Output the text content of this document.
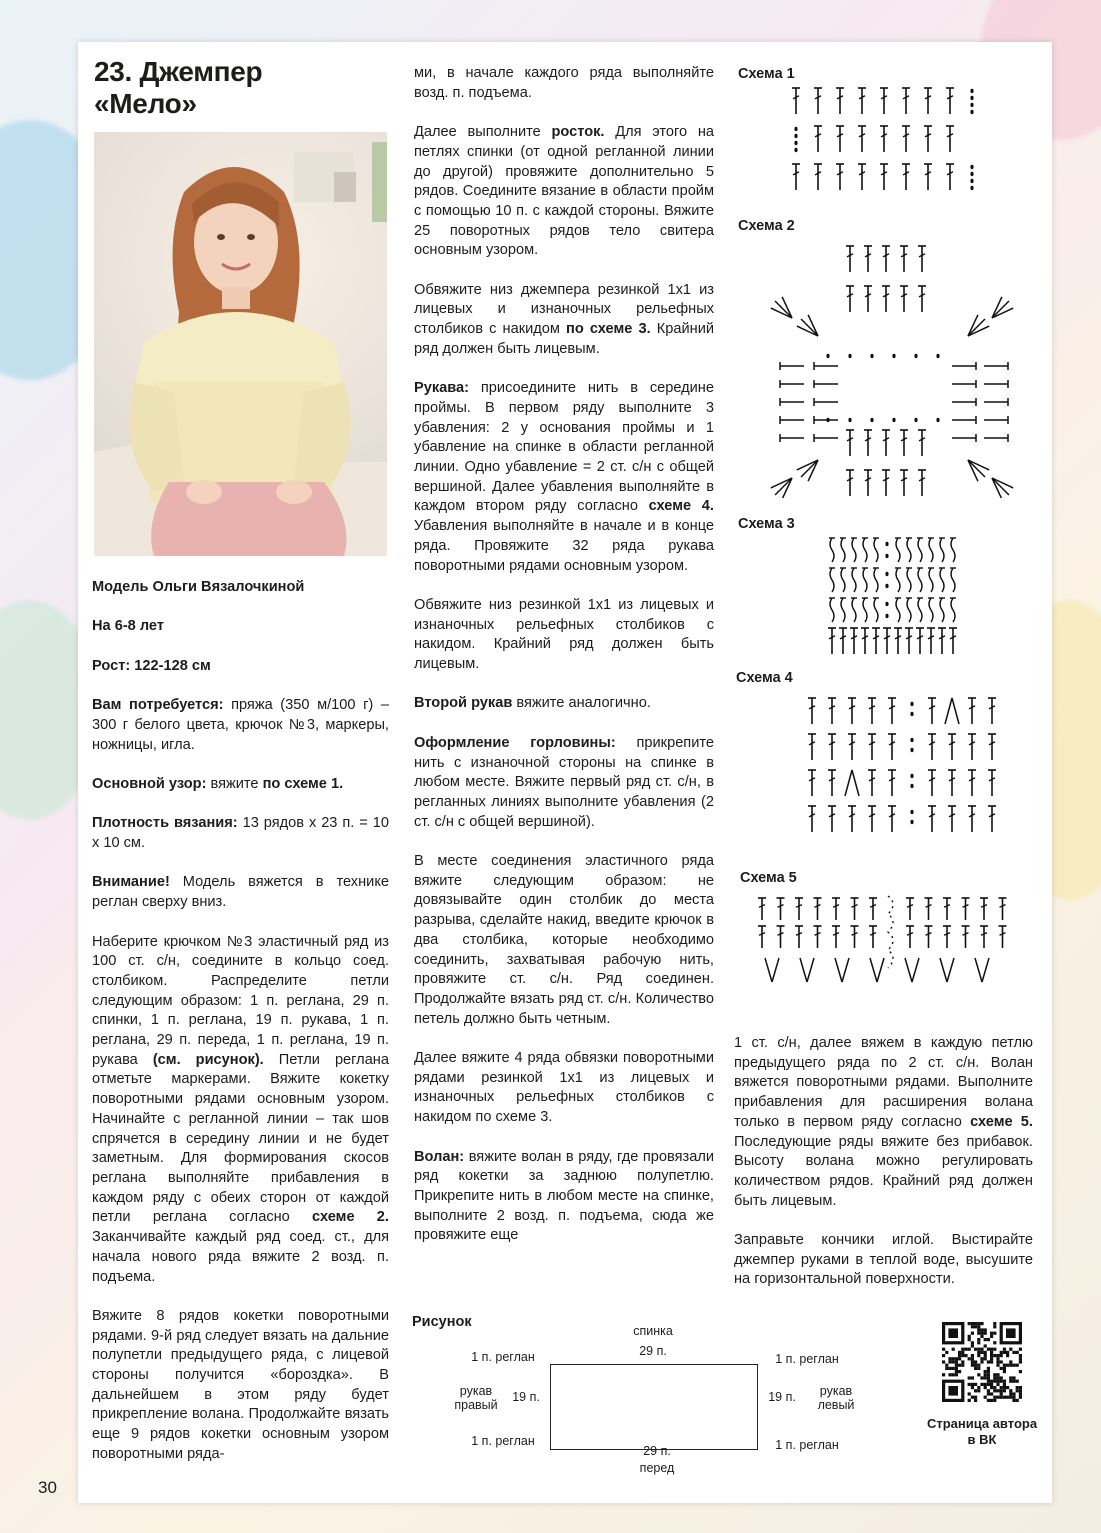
23. Джемпер
«Мело»

Модель Ольги Вязалочкиной

На 6-8 лет

Рост: 122-128 см

Вам потребуется: пряжа (350 м/100 г) – 300 г белого цвета, крючок №3, маркеры, ножницы, игла.

Основной узор: вяжите по схеме 1.

Плотность вязания: 13 рядов х 23 п. = 10 х 10 см.

Внимание! Модель вяжется в технике реглан сверху вниз.

Наберите крючком №3 эластичный ряд из 100 ст. с/н, соедините в кольцо соед. столбиком. Распределите петли следующим образом: 1 п. реглана, 29 п. спинки, 1 п. реглана, 19 п. рукава, 1 п. реглана, 29 п. переда, 1 п. реглана, 19 п. рукава (см. рисунок). Петли реглана отметьте маркерами. Вяжите кокетку поворотными рядами основным узором. Начинайте с регланной линии – так шов спрячется в середину линии и не будет заметным. Для формирования скосов реглана выполняйте прибавления в каждом ряду с обеих сторон от каждой петли реглана согласно схеме 2. Заканчивайте каждый ряд соед. ст., для начала нового ряда вяжите 2 возд. п. подъема.

Вяжите 8 рядов кокетки поворотными рядами. 9-й ряд следует вязать на дальние полупетли предыдущего ряда, с лицевой стороны получится «бороздка». В дальнейшем в этом ряду будет прикрепление волана. Продолжайте вязать еще 9 рядов кокетки основным узором поворотными ряда-

ми, в начале каждого ряда выполняйте возд. п. подъема.

Далее выполните росток. Для этого на петлях спинки (от одной регланной линии до другой) провяжите дополнительно 5 рядов. Соедините вязание в области пройм с помощью 10 п. с каждой стороны. Вяжите 25 поворотных рядов тело свитера основным узором.

Обвяжите низ джемпера резинкой 1х1 из лицевых и изнаночных рельефных столбиков с накидом по схеме 3. Крайний ряд должен быть лицевым.

Рукава: присоедините нить в середине проймы. В первом ряду выполните 3 убавления: 2 у основания проймы и 1 убавление на спинке в области регланной линии. Одно убавление = 2 ст. с/н с общей вершиной. Далее убавления выполняйте в каждом втором ряду согласно схеме 4. Убавления выполняйте в начале и в конце ряда. Провяжите 32 ряда рукава поворотными рядами основным узором.

Обвяжите низ резинкой 1х1 из лицевых и изнаночных рельефных столбиков с накидом. Крайний ряд должен быть лицевым.

Второй рукав вяжите аналогично.

Оформление горловины: прикрепите нить с изнаночной стороны на спинке в любом месте. Вяжите первый ряд ст. с/н, в регланных линиях выполните убавления (2 ст. с/н с общей вершиной).

В месте соединения эластичного ряда вяжите следующим образом: не довязывайте один столбик до места разрыва, сделайте накид, введите крючок в два столбика, которые необходимо соединить, захватывая рабочую нить, провяжите ст. с/н. Ряд соединен. Продолжайте вязать ряд ст. с/н. Количество петель должно быть четным.

Далее вяжите 4 ряда обвязки поворотными рядами резинкой 1х1 из лицевых и изнаночных рельефных столбиков с накидом по схеме 3.

Волан: вяжите волан в ряду, где провязали ряд кокетки за заднюю полупетлю. Прикрепите нить в любом месте на спинке, выполните 2 возд. п. подъема, сюда же провяжите еще

Схема 1
Схема 2
Схема 3
Схема 4
Схема 5

1 ст. с/н, далее вяжем в каждую петлю предыдущего ряда по 2 ст. с/н. Волан вяжется поворотными рядами. Выполните прибавления для расширения волана только в первом ряду согласно схеме 5. Последующие ряды вяжите без прибавок. Высоту волана можно регулировать количеством рядов. Крайний ряд должен быть лицевым.

Заправьте кончики иглой. Выстирайте джемпер руками в теплой воде, высушите на горизонтальной поверхности.

Рисунок
спинка
29 п.
1 п. реглан	1 п. реглан
рукав правый
19 п.	19 п.	рукав левый
1 п. реглан	1 п. реглан
29 п.
перед
Страница автора в ВК
30
